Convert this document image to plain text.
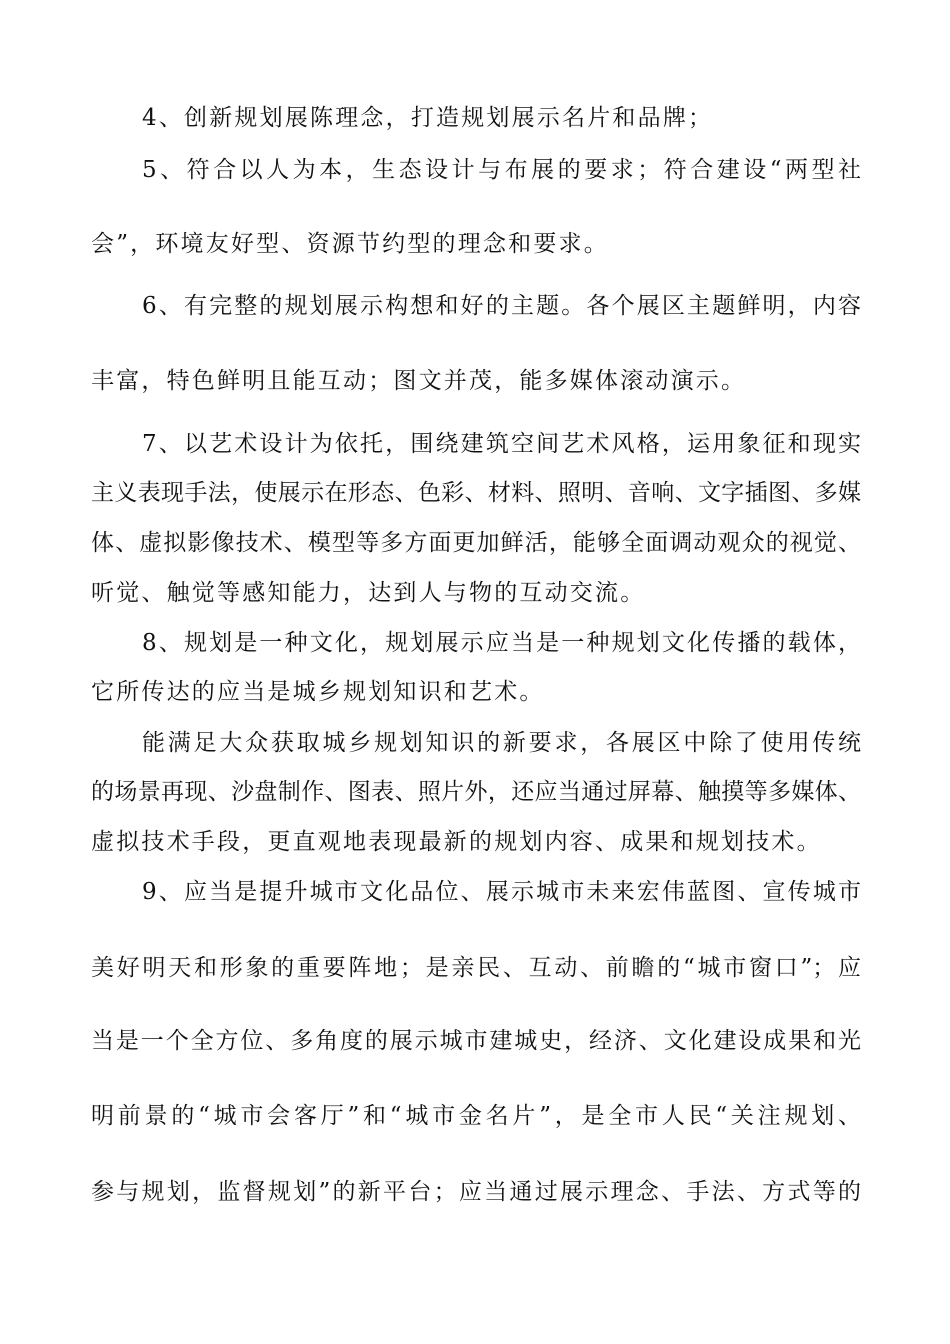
4、创新规划展陈理念，打造规划展示名片和品牌；
5、符合以人为本，生态设计与布展的要求；符合建设“两型社
会”，环境友好型、资源节约型的理念和要求。
6、有完整的规划展示构想和好的主题。各个展区主题鲜明，内容
丰富，特色鲜明且能互动；图文并茂，能多媒体滚动演示。
7、以艺术设计为依托，围绕建筑空间艺术风格，运用象征和现实
主义表现手法，使展示在形态、色彩、材料、照明、音响、文字插图、多媒
体、虚拟影像技术、模型等多方面更加鲜活，能够全面调动观众的视觉、
听觉、触觉等感知能力，达到人与物的互动交流。
8、规划是一种文化，规划展示应当是一种规划文化传播的载体，
它所传达的应当是城乡规划知识和艺术。
能满足大众获取城乡规划知识的新要求，各展区中除了使用传统
的场景再现、沙盘制作、图表、照片外，还应当通过屏幕、触摸等多媒体、
虚拟技术手段，更直观地表现最新的规划内容、成果和规划技术。
9、应当是提升城市文化品位、展示城市未来宏伟蓝图、宣传城市
美好明天和形象的重要阵地；是亲民、互动、前瞻的“城市窗口”；应
当是一个全方位、多角度的展示城市建城史，经济、文化建设成果和光
明前景的“城市会客厅”和“城市金名片”，是全市人民“关注规划、
参与规划，监督规划”的新平台；应当通过展示理念、手法、方式等的
